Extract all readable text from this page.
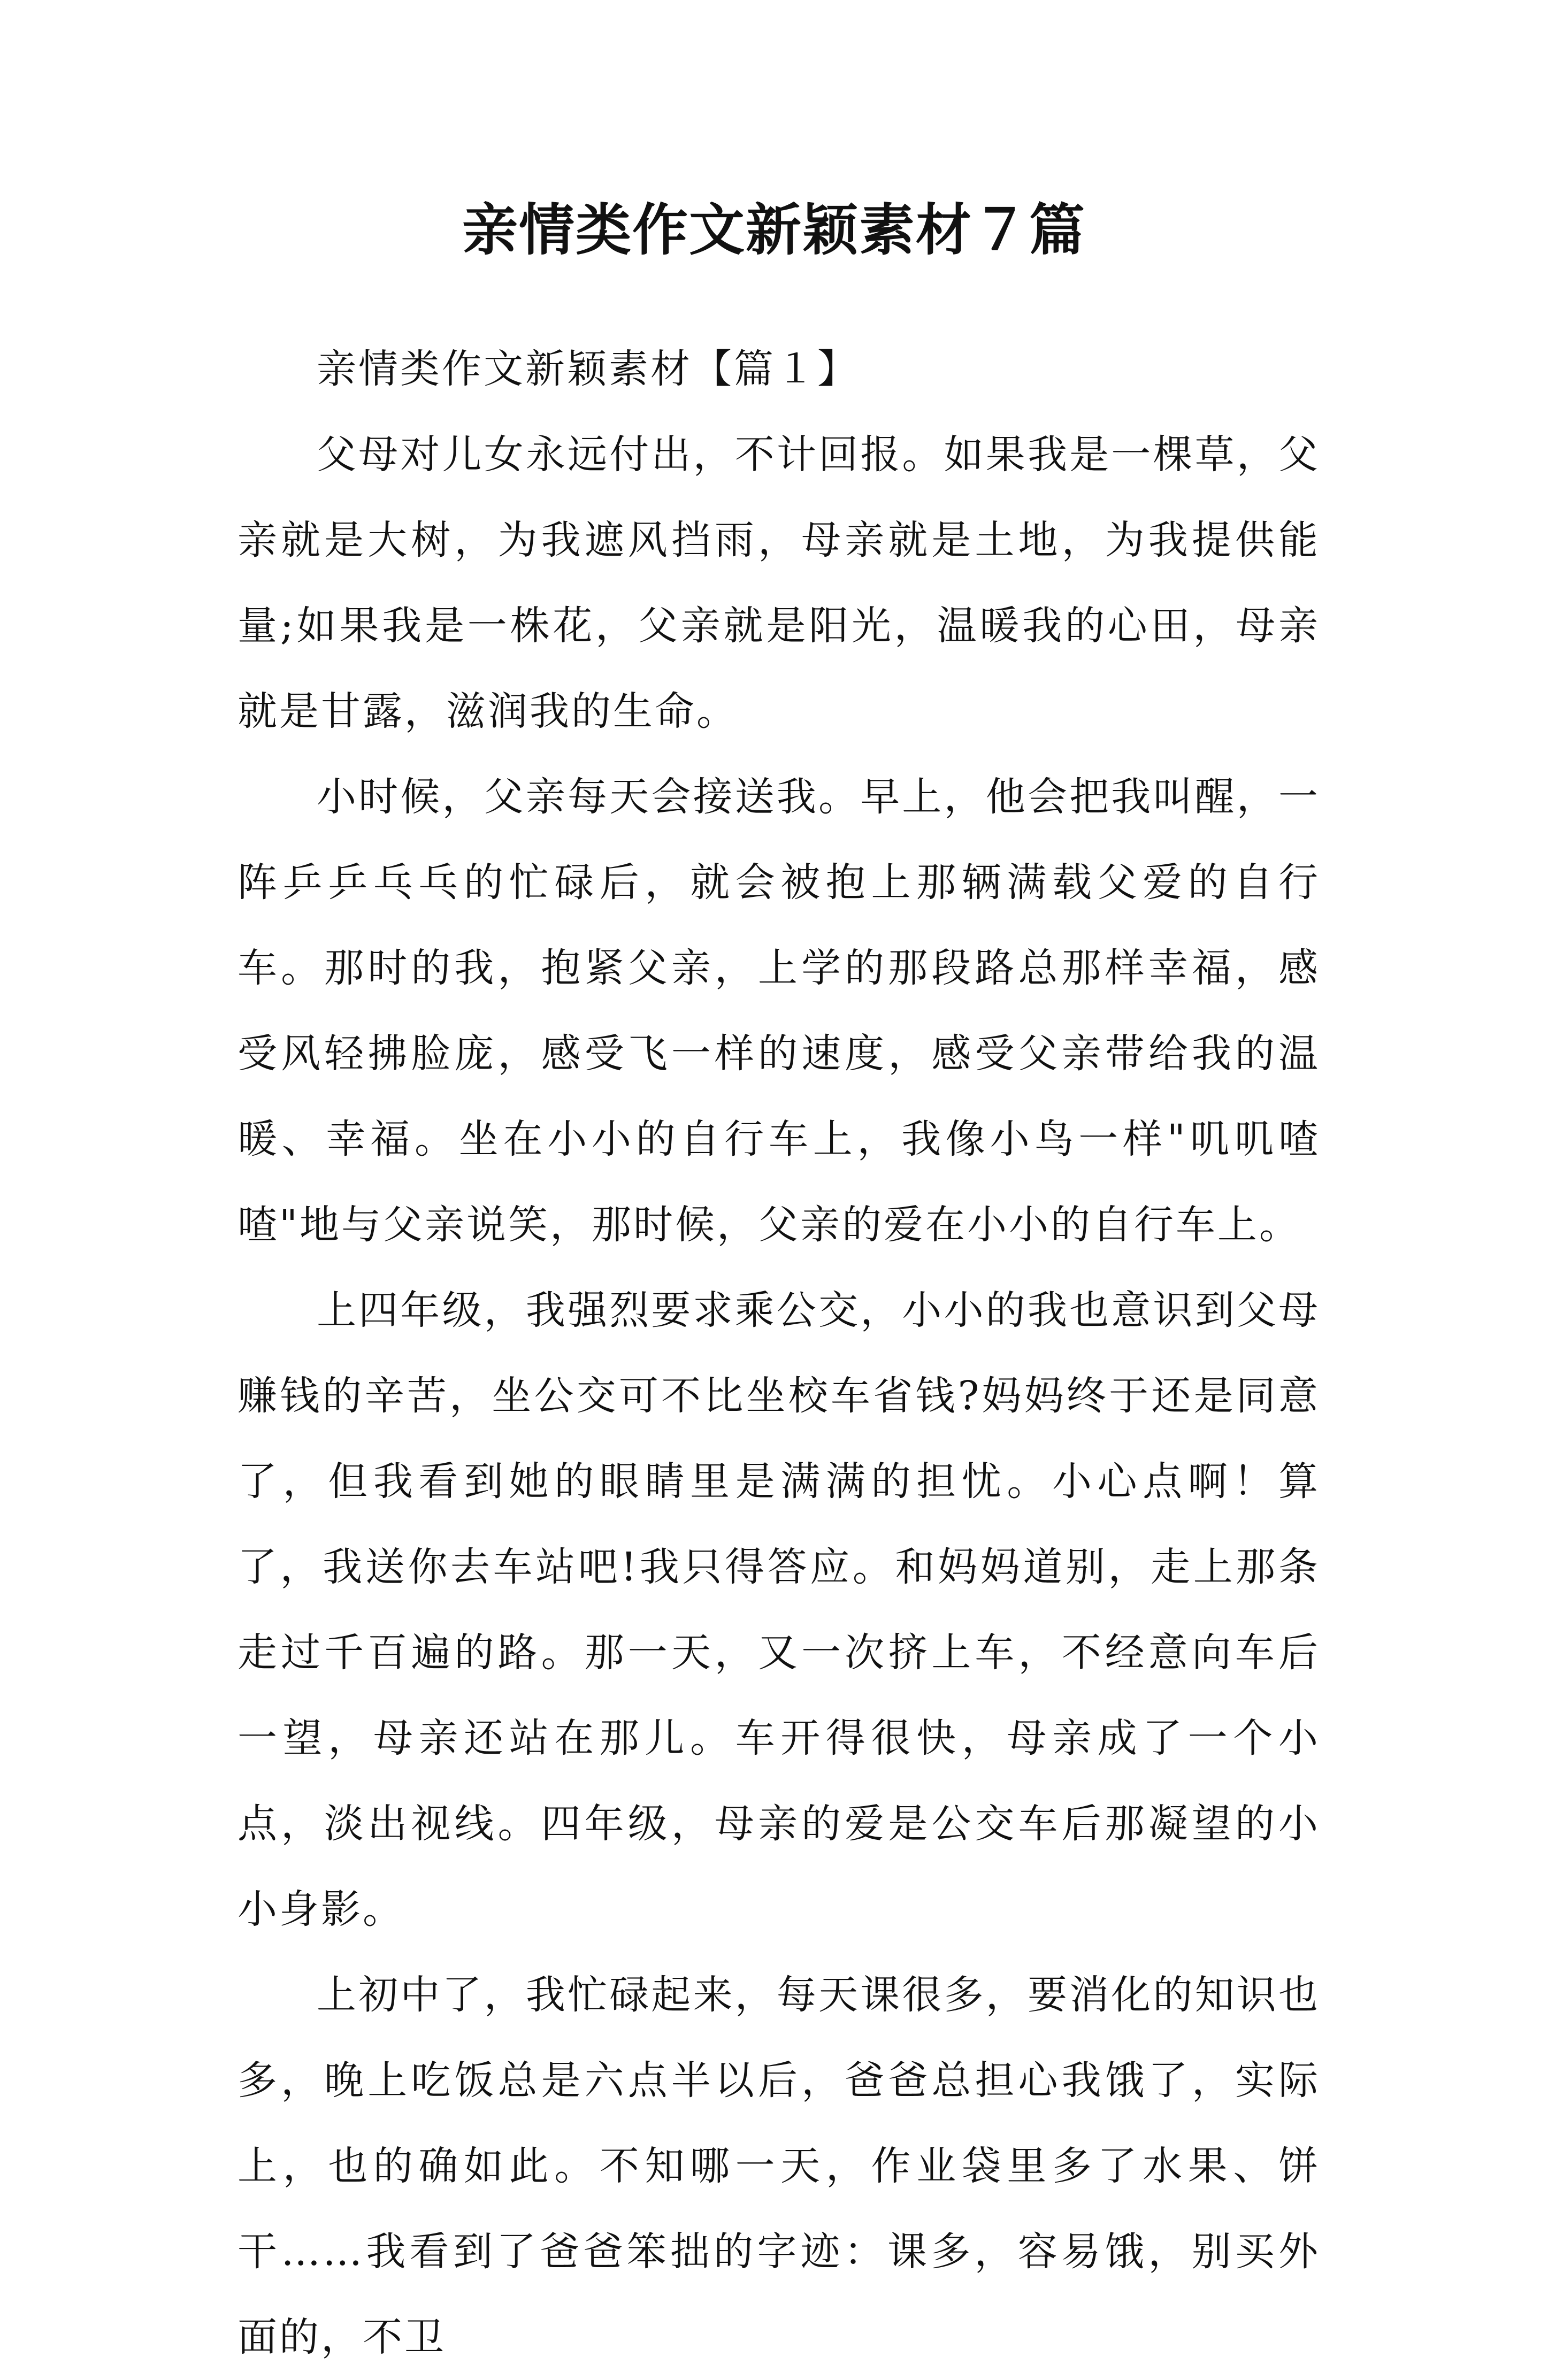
亲情类作文新颖素材７篇

亲情类作文新颖素材【篇１】

父母对儿女永远付出，不计回报。如果我是一棵草，父亲就是大树，为我遮风挡雨，母亲就是土地，为我提供能量;如果我是一株花，父亲就是阳光，温暖我的心田，母亲就是甘露，滋润我的生命。

小时候，父亲每天会接送我。早上，他会把我叫醒，一阵乒乒乓乓的忙碌后，就会被抱上那辆满载父爱的自行车。那时的我，抱紧父亲，上学的那段路总那样幸福，感受风轻拂脸庞，感受飞一样的速度，感受父亲带给我的温暖、幸福。坐在小小的自行车上，我像小鸟一样"叽叽喳喳"地与父亲说笑，那时候，父亲的爱在小小的自行车上。

上四年级，我强烈要求乘公交，小小的我也意识到父母赚钱的辛苦，坐公交可不比坐校车省钱?妈妈终于还是同意了，但我看到她的眼睛里是满满的担忧。小心点啊！算了，我送你去车站吧!我只得答应。和妈妈道别，走上那条走过千百遍的路。那一天，又一次挤上车，不经意向车后一望，母亲还站在那儿。车开得很快，母亲成了一个小点，淡出视线。四年级，母亲的爱是公交车后那凝望的小小身影。

上初中了，我忙碌起来，每天课很多，要消化的知识也多，晚上吃饭总是六点半以后，爸爸总担心我饿了，实际上，也的确如此。不知哪一天，作业袋里多了水果、饼干……我看到了爸爸笨拙的字迹：课多，容易饿，别买外面的，不卫
